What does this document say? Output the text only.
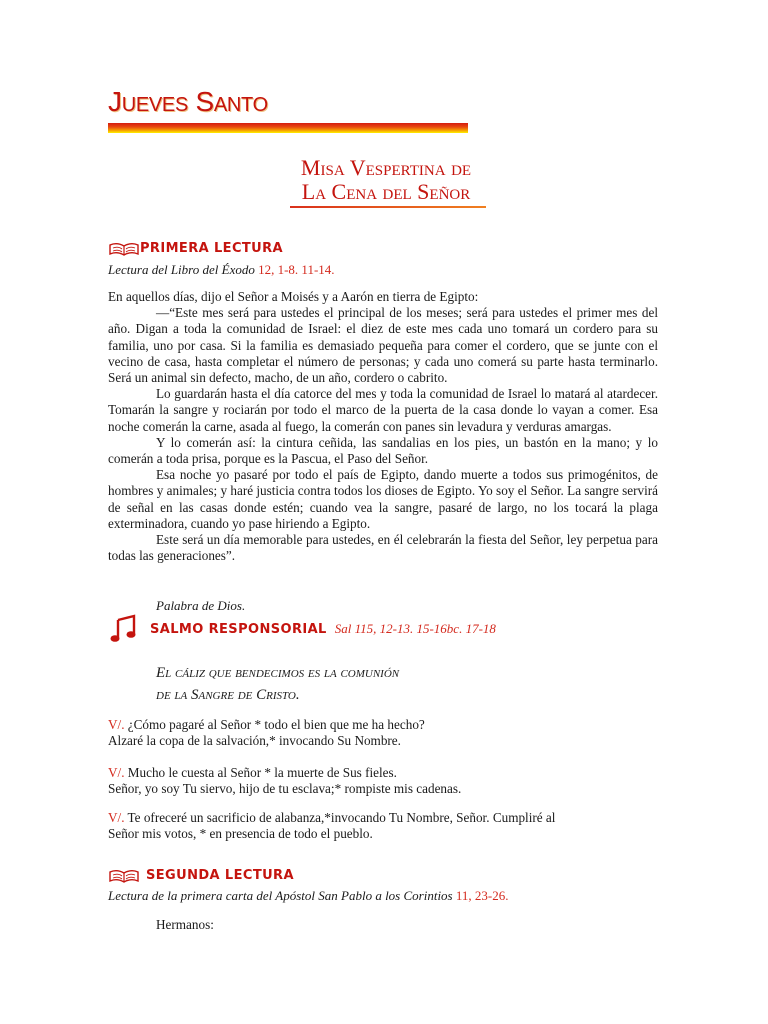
Jueves Santo
Misa Vespertina de
La Cena del Señor
PRIMERA LECTURA
Lectura del Libro del Éxodo 12, 1-8. 11-14.

En aquellos días, dijo el Señor a Moisés y a Aarón en tierra de Egipto:

—“Este mes será para ustedes el principal de los meses; será para ustedes el primer mes del año. Digan a toda la comunidad de Israel: el diez de este mes cada uno tomará un cordero para su familia, uno por casa. Si la familia es demasiado pequeña para comer el cordero, que se junte con el vecino de casa, hasta completar el número de personas; y cada uno comerá su parte hasta terminarlo. Será un animal sin defecto, macho, de un año, cordero o cabrito.

Lo guardarán hasta el día catorce del mes y toda la comunidad de Israel lo matará al atardecer. Tomarán la sangre y rociarán por todo el marco de la puerta de la casa donde lo vayan a comer. Esa noche comerán la carne, asada al fuego, la comerán con panes sin levadura y verduras amargas.

Y lo comerán así: la cintura ceñida, las sandalias en los pies, un bastón en la mano; y lo comerán a toda prisa, porque es la Pascua, el Paso del Señor.

Esa noche yo pasaré por todo el país de Egipto, dando muerte a todos sus primogénitos, de hombres y animales; y haré justicia contra todos los dioses de Egipto. Yo soy el Señor. La sangre servirá de señal en las casas donde estén; cuando vea la sangre, pasaré de largo, no los tocará la plaga exterminadora, cuando yo pase hiriendo a Egipto.

Este será un día memorable para ustedes, en él celebrarán la fiesta del Señor, ley perpetua para todas las generaciones”.

Palabra de Dios.
SALMO RESPONSORIAL Sal 115, 12-13. 15-16bc. 17-18
El cáliz que bendecimos es la comunión
de la Sangre de Cristo.

V/. ¿Cómo pagaré al Señor * todo el bien que me ha hecho?

Alzaré la copa de la salvación,* invocando Su Nombre.

V/. Mucho le cuesta al Señor * la muerte de Sus fieles.

Señor, yo soy Tu siervo, hijo de tu esclava;* rompiste mis cadenas.

V/. Te ofreceré un sacrificio de alabanza,*invocando Tu Nombre, Señor. Cumpliré al

Señor mis votos, * en presencia de todo el pueblo.

SEGUNDA LECTURA
Lectura de la primera carta del Apóstol San Pablo a los Corintios 11, 23-26.
Hermanos:
